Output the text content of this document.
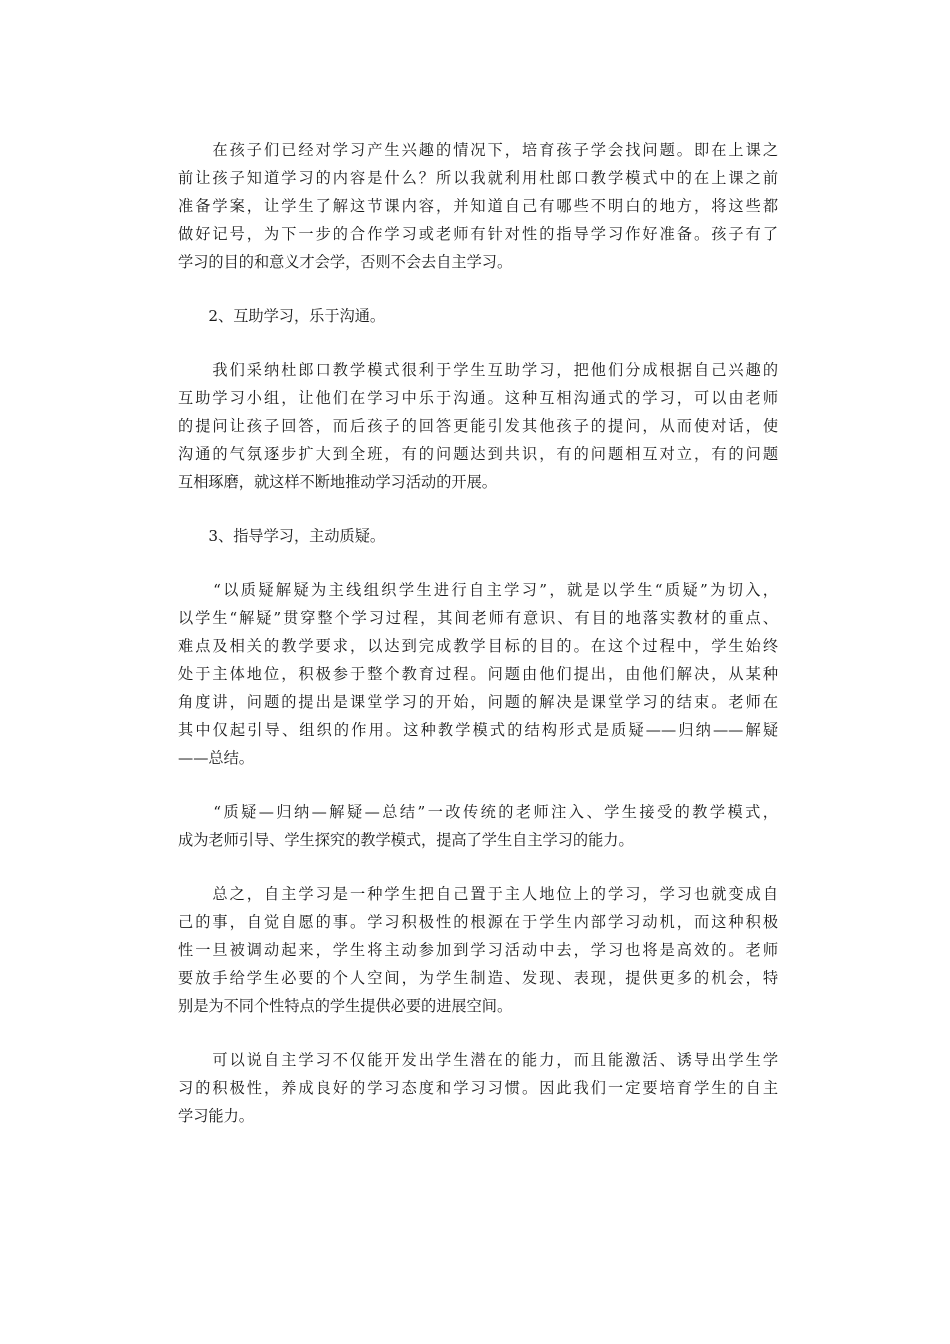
　　在孩子们已经对学习产生兴趣的情况下，培育孩子学会找问题。即在上课之
前让孩子知道学习的内容是什么？所以我就利用杜郎口教学模式中的在上课之前
准备学案，让学生了解这节课内容，并知道自己有哪些不明白的地方，将这些都
做好记号，为下一步的合作学习或老师有针对性的指导学习作好准备。孩子有了
学习的目的和意义才会学，否则不会去自主学习。

　　2、互助学习，乐于沟通。

　　我们采纳杜郎口教学模式很利于学生互助学习，把他们分成根据自己兴趣的
互助学习小组，让他们在学习中乐于沟通。这种互相沟通式的学习，可以由老师
的提问让孩子回答，而后孩子的回答更能引发其他孩子的提问，从而使对话，使
沟通的气氛逐步扩大到全班，有的问题达到共识，有的问题相互对立，有的问题
互相琢磨，就这样不断地推动学习活动的开展。

　　3、指导学习，主动质疑。

　　“以质疑解疑为主线组织学生进行自主学习”，就是以学生“质疑”为切入，
以学生“解疑”贯穿整个学习过程，其间老师有意识、有目的地落实教材的重点、
难点及相关的教学要求，以达到完成教学目标的目的。在这个过程中，学生始终
处于主体地位，积极参于整个教育过程。问题由他们提出，由他们解决，从某种
角度讲，问题的提出是课堂学习的开始，问题的解决是课堂学习的结束。老师在
其中仅起引导、组织的作用。这种教学模式的结构形式是质疑——归纳——解疑
——总结。

　　“质疑—归纳—解疑—总结”一改传统的老师注入、学生接受的教学模式，
成为老师引导、学生探究的教学模式，提高了学生自主学习的能力。

　　总之，自主学习是一种学生把自己置于主人地位上的学习，学习也就变成自
己的事，自觉自愿的事。学习积极性的根源在于学生内部学习动机，而这种积极
性一旦被调动起来，学生将主动参加到学习活动中去，学习也将是高效的。老师
要放手给学生必要的个人空间，为学生制造、发现、表现，提供更多的机会，特
别是为不同个性特点的学生提供必要的进展空间。

　　可以说自主学习不仅能开发出学生潜在的能力，而且能激活、诱导出学生学
习的积极性，养成良好的学习态度和学习习惯。因此我们一定要培育学生的自主
学习能力。
